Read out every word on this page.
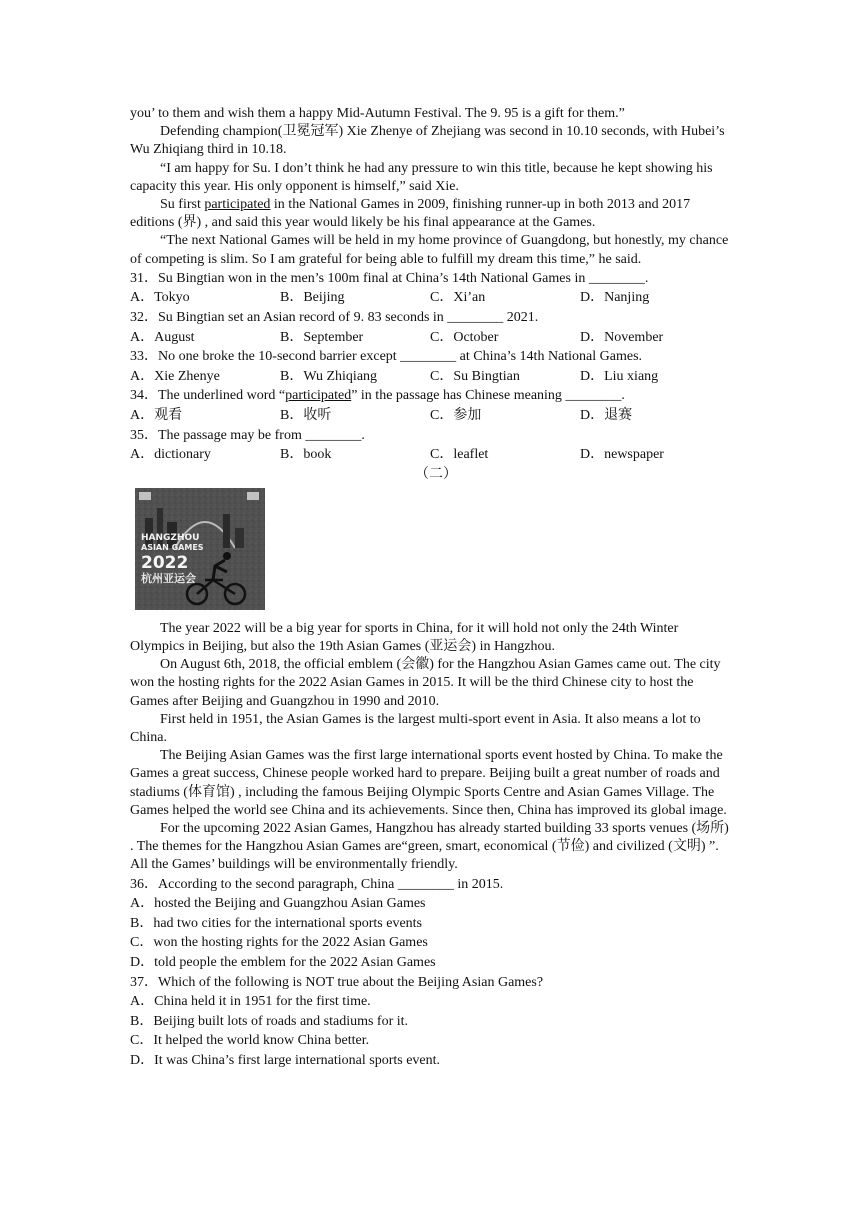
you’ to them and wish them a happy Mid-Autumn Festival. The 9. 95 is a gift for them.”

Defending champion(卫冕冠军) Xie Zhenye of Zhejiang was second in 10.10 seconds, with Hubei’s Wu Zhiqiang third in 10.18.

“I am happy for Su. I don’t think he had any pressure to win this title, because he kept showing his capacity this year. His only opponent is himself,” said Xie.

Su first participated in the National Games in 2009, finishing runner-up in both 2013 and 2017 editions (界) , and said this year would likely be his final appearance at the Games.

“The next National Games will be held in my home province of Guangdong, but honestly, my chance of competing is slim. So I am grateful for being able to fulfill my dream this time,” he said.

31．Su Bingtian won in the men’s 100m final at China’s 14th National Games in ________.

A．Tokyo	B．Beijing	C．Xi’an	D．Nanjing

32．Su Bingtian set an Asian record of 9. 83 seconds in ________ 2021.

A．August	B．September	C．October	D．November

33．No one broke the 10-second barrier except ________ at China’s 14th National Games.

A．Xie Zhenye	B．Wu Zhiqiang	C．Su Bingtian	D．Liu xiang

34．The underlined word “participated” in the passage has Chinese meaning ________.

A．观看	B．收听	C．参加	D．退赛

35．The passage may be from ________.

A．dictionary	B．book	C．leaflet	D．newspaper
（二）
HANGZHOU
ASIAN GAMES
2022
杭州亚运会

The year 2022 will be a big year for sports in China, for it will hold not only the 24th Winter Olympics in Beijing, but also the 19th Asian Games (亚运会) in Hangzhou.

On August 6th, 2018, the official emblem (会徽) for the Hangzhou Asian Games came out. The city won the hosting rights for the 2022 Asian Games in 2015. It will be the third Chinese city to host the Games after Beijing and Guangzhou in 1990 and 2010.

First held in 1951, the Asian Games is the largest multi-sport event in Asia. It also means a lot to China.

The Beijing Asian Games was the first large international sports event hosted by China. To make the Games a great success, Chinese people worked hard to prepare. Beijing built a great number of roads and stadiums (体育馆) , including the famous Beijing Olympic Sports Centre and Asian Games Village. The Games helped the world see China and its achievements. Since then, China has improved its global image.

For the upcoming 2022 Asian Games, Hangzhou has already started building 33 sports venues (场所) . The themes for the Hangzhou Asian Games are“green, smart, economical (节俭) and civilized (文明) ”. All the Games’ buildings will be environmentally friendly.

36．According to the second paragraph, China ________ in 2015.

A．hosted the Beijing and Guangzhou Asian Games
B．had two cities for the international sports events
C．won the hosting rights for the 2022 Asian Games
D．told people the emblem for the 2022 Asian Games

37．Which of the following is NOT true about the Beijing Asian Games?

A．China held it in 1951 for the first time.
B．Beijing built lots of roads and stadiums for it.
C．It helped the world know China better.
D．It was China’s first large international sports event.
